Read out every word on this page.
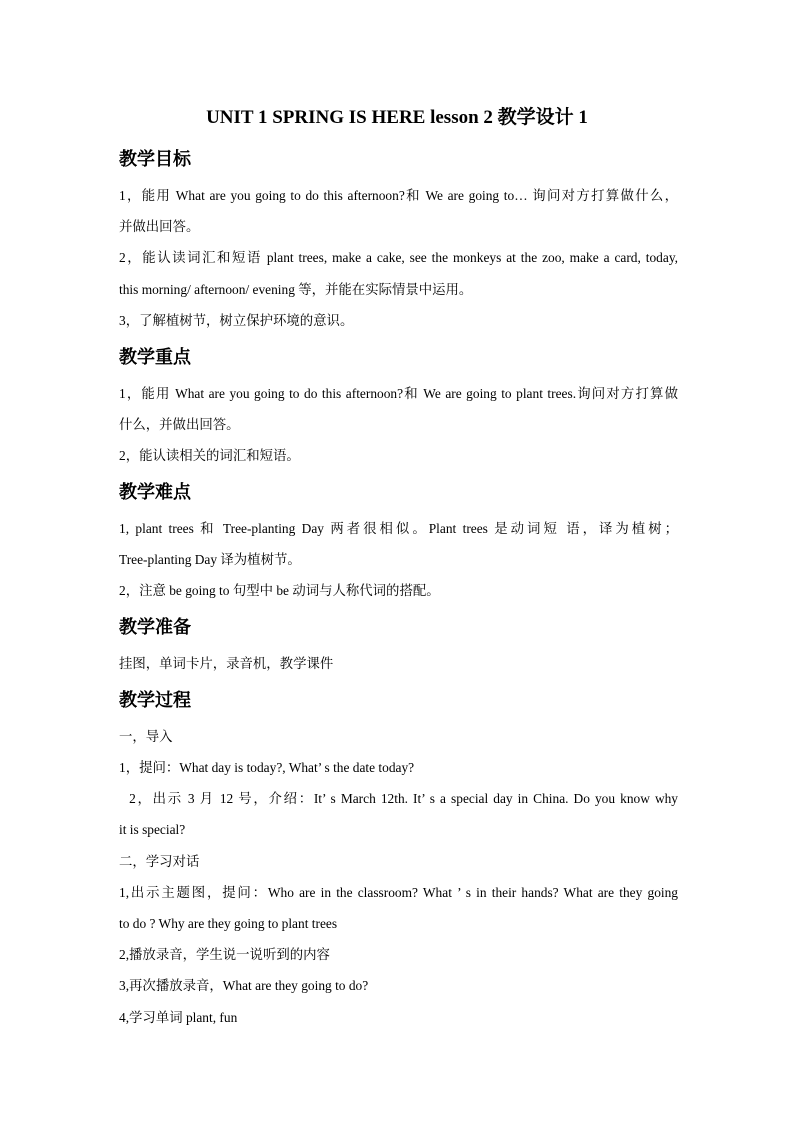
UNIT 1 SPRING IS HERE lesson 2 教学设计 1
教学目标

1，能用 What are you going to do this afternoon?和 We are going to… 询问对方打算做什么，

并做出回答。

2，能认读词汇和短语 plant trees, make a cake, see the monkeys at the zoo, make a card, today,

this morning/ afternoon/ evening 等，并能在实际情景中运用。

3，了解植树节，树立保护环境的意识。

教学重点

1，能用 What are you going to do this afternoon?和 We are going to plant trees.询问对方打算做

什么，并做出回答。

2，能认读相关的词汇和短语。

教学难点

1, plant trees 和 Tree-planting Day 两者很相似。Plant trees 是动词短 语，译为植树；

Tree-planting Day 译为植树节。

2，注意 be going to 句型中 be 动词与人称代词的搭配。

教学准备

挂图，单词卡片，录音机，教学课件

教学过程

一，导入

1，提问：What day is today?, What’ s the date today?

2，出示 3 月 12 号，介绍：It’ s March 12th. It’ s a special day in China. Do you know why

it is special?

二，学习对话

1,出示主题图，提问：Who are in the classroom? What ’ s in their hands? What are they going

to do ? Why are they going to plant trees

2,播放录音，学生说一说听到的内容

3,再次播放录音，What are they going to do?

4,学习单词 plant, fun
